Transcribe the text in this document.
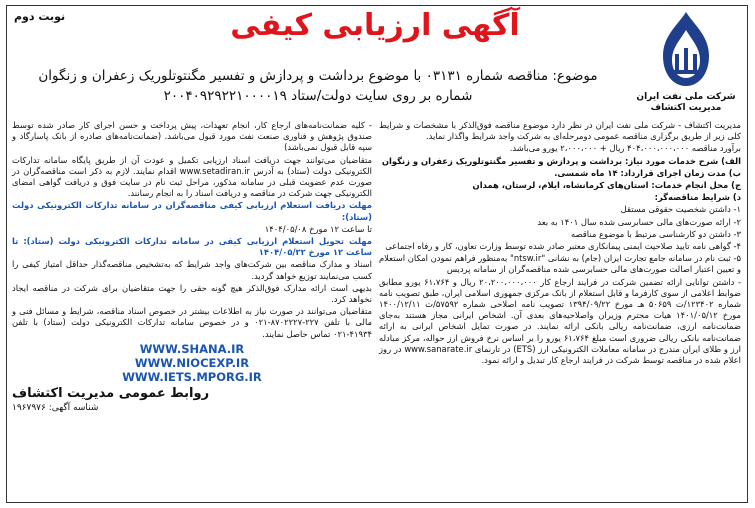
نوبت دوم	آگهی ارزیابی کیفی
شرکت ملی نفت ایران
مدیریت اکتشاف
موضوع: مناقصه شماره ۰۳۱۳۱ با موضوع برداشت و پردازش و تفسیر مگنتوتلوریک زعفران و زنگوان
شماره بر روی سایت دولت/ستاد ۲۰۰۴۰۹۲۹۲۲۱۰۰۰۰۱۹

مدیریت اکتشاف - شرکت ملی نفت ایران در نظر دارد موضوع مناقصه فوق‌الذکر با مشخصات و شرایط کلی زیر از طریق برگزاری مناقصه عمومی دومرحله‌ای به شرکت واجد شرایط واگذار نماید.

برآورد مناقصه ۴۰۴،۰۰۰،۰۰۰،۰۰۰ ریال + ۲،۰۰۰،۰۰۰ یورو می‌باشد.

الف) شرح خدمات مورد نیاز: برداشت و پردازش و تفسیر مگنتوتلوریک زعفران و زنگوان

ب) مدت زمان اجرای قرارداد: ۱۴ ماه شمسی.

ج) محل انجام خدمات: استان‌های کرمانشاه، ایلام، لرستان، همدان

د) شرایط مناقصه‌گر:

۱- داشتن شخصیت حقوقی مستقل

۲- ارائه صورت‌های مالی حسابرسی شده سال ۱۴۰۱ به بعد

۳- داشتن دو کارشناسی مرتبط با موضوع مناقصه

۴- گواهی نامه تایید صلاحیت ایمنی پیمانکاری معتبر صادر شده توسط وزارت تعاون، کار و رفاه اجتماعی

۵- ثبت نام در سامانه جامع تجارت ایران (جام) به نشانی "ntsw.ir" به‌منظور فراهم نمودن امکان استعلام و تعیین اعتبار اصالت صورت‌های مالی حسابرسی شده مناقصه‌گران از سامانه پردیس

- داشتن توانایی ارائه تضمین شرکت در فرایند ارجاع کار ۲۰،۲۰۰،۰۰۰،۰۰۰ ریال و ۶۱،۷۶۴ یورو مطابق ضوابط اعلامی از سوی کارفرما و قابل استعلام از بانک مرکزی جمهوری اسلامی ایران، طبق تصویب نامه شماره ۱۲۳۴۰۲/ت ۵۰۶۵۹ هـ مورخ ۱۳۹۴/۰۹/۲۲ تصویب نامه اصلاحی شماره ۵۷۵۹۲/ت ۱۴۰۰/۱۲/۱۱ مورخ ۱۴۰۱/۰۵/۱۲ هیات محترم وزیران واصلاحیه‌های بعدی آن. اشخاص ایرانی مجاز هستند به‌جای ضمانت‌نامه ارزی، ضمانت‌نامه ریالی بانکی ارائه نمایند. در صورت تمایل اشخاص ایرانی به ارائه ضمانت‌نامه بانکی ریالی ضروری است مبلغ ۶۱،۷۶۴ یورو را بر اساس نرخ فروش ارز حواله، مرکز مبادله ارز و طلای ایران مندرج در سامانه معاملات الکترونیکی ارز (ETS) در تارنمای www.sanarate.ir در روز اعلام شده در مناقصه توسط شرکت در فرایند ارجاع کار تبدیل و ارائه نمود.

- کلیه ضمانت‌نامه‌های ارجاع کار، انجام تعهدات، پیش پرداخت و حسن اجرای کار صادر شده توسط صندوق پژوهش و فناوری صنعت نفت مورد قبول می‌باشد. (ضمانت‌نامه‌های صادره از بانک پاسارگاد و سپه قابل قبول نمی‌باشد)

متقاضیان می‌توانند جهت دریافت اسناد ارزیابی تکمیل و عودت آن از طریق پایگاه سامانه تدارکات الکترونیکی دولت (ستاد) به آدرس www.setadiran.ir اقدام نمایند. لازم به ذکر است مناقصه‌گران در صورت عدم عضویت قبلی در سامانه مذکور، مراحل ثبت نام در سایت فوق و دریافت گواهی امضای الکترونیکی جهت شرکت در مناقصه و دریافت اسناد را به انجام رسانند.

مهلت دریافت استعلام ارزیابی کیفی مناقصه‌گران در سامانه تدارکات الکترونیکی دولت (ستاد):

تا ساعت ۱۲ مورخ ۱۴۰۴/۰۵/۰۸

مهلت تحویل استعلام ارزیابی کیفی در سامانه تدارکات الکترونیکی دولت (ستاد): تا ساعت ۱۲ مورخ ۱۴۰۴/۰۵/۲۲

اسناد و مدارک مناقصه بین شرکت‌های واجد شرایط که به‌تشخیص مناقصه‌گذار حداقل امتیاز کیفی را کسب می‌نمایند توزیع خواهد گردید.

بدیهی است ارائه مدارک فوق‌الذکر هیچ گونه حقی را جهت متقاضیان برای شرکت در مناقصه ایجاد نخواهد کرد.

متقاضیان می‌توانند در صورت نیاز به اطلاعات بیشتر در خصوص اسناد مناقصه، شرایط و مسائل فنی و مالی با تلفن ۲۲۷-۸۷۰۲۲۲۷-۰۲۱ و در خصوص سامانه تدارکات الکترونیکی دولت (ستاد) با تلفن ۴۱۹۳۴-۰۲۱ تماس حاصل نمایند.

WWW.SHANA.IR
WWW.NIOCEXP.IR
WWW.IETS.MPORG.IR
روابط عمومی مدیریت اکتشاف
شناسه آگهی: ۱۹۶۷۹۷۶
